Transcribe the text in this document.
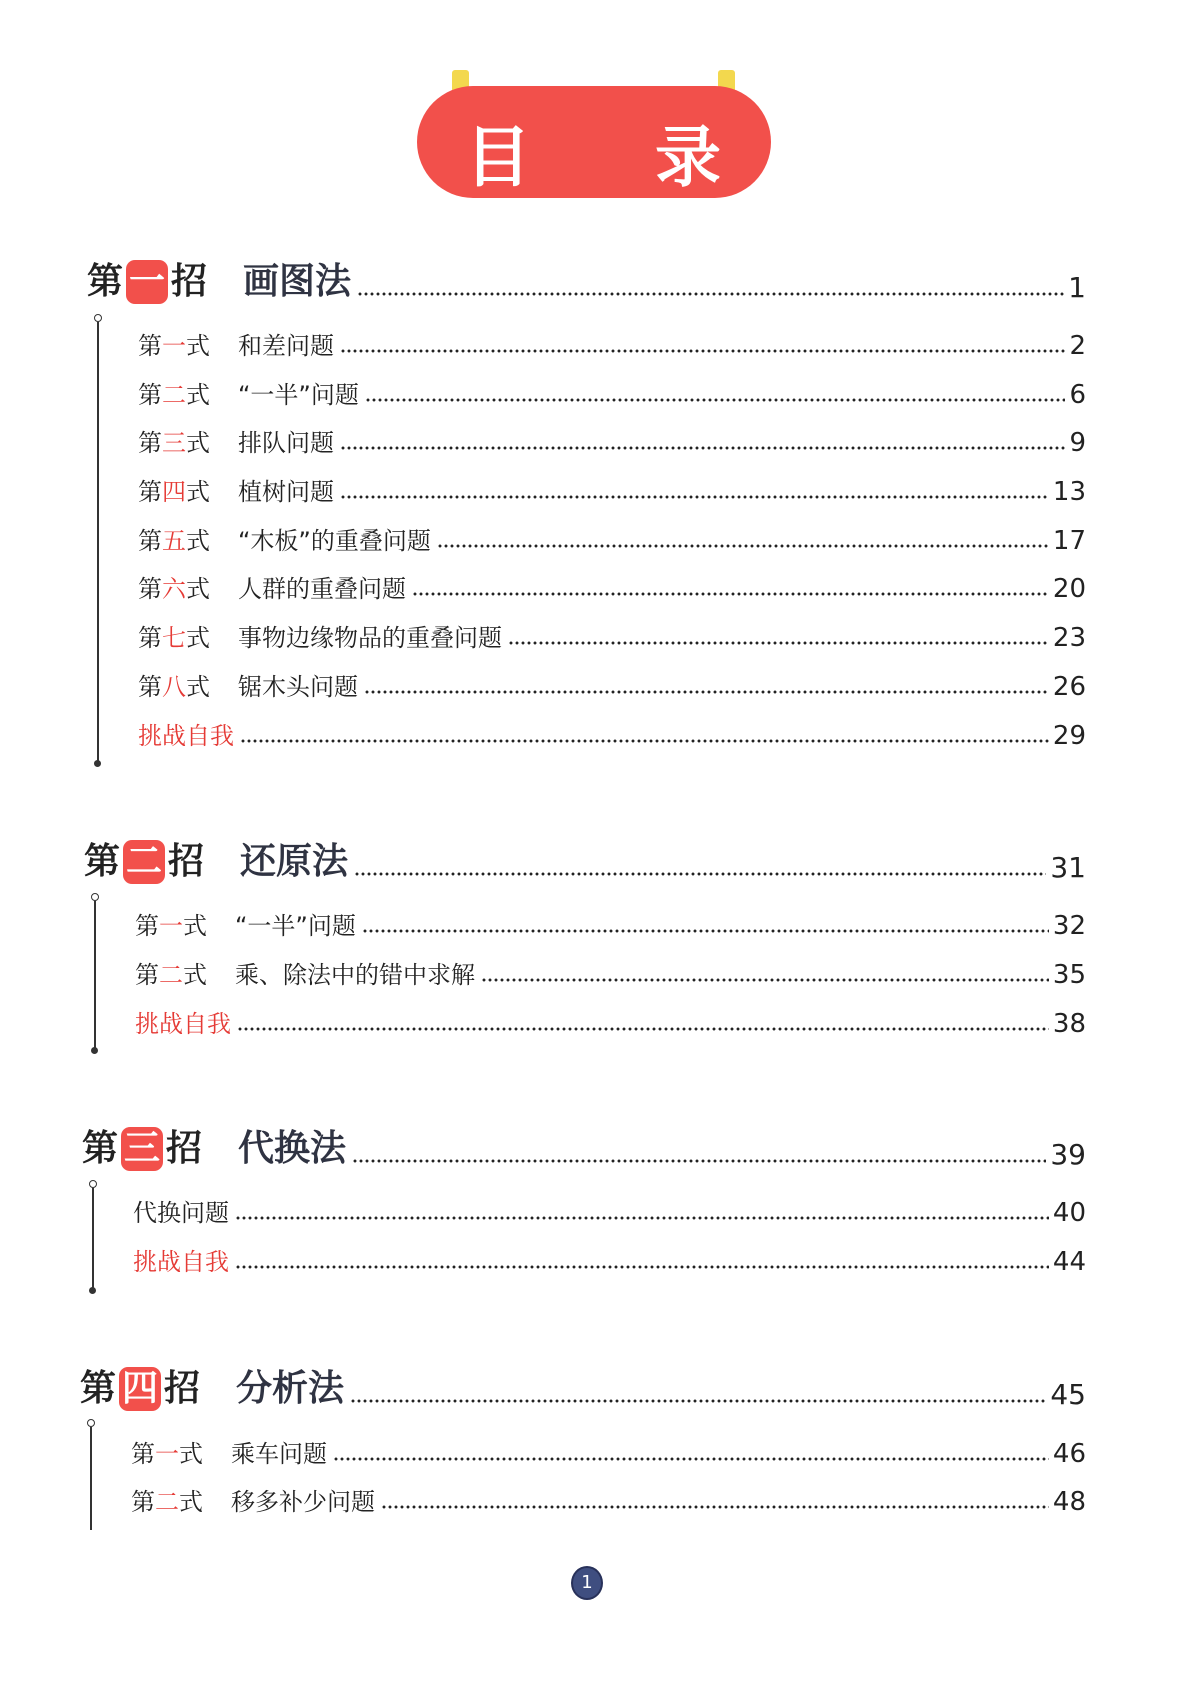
目 录
第 一 招 画图法	1
第 一 式 和差问题	2
第 二 式 “一半”问题	6
第 三 式 排队问题	9
第 四 式 植树问题	13
第 五 式 “木板”的重叠问题	17
第 六 式 人群的重叠问题	20
第 七 式 事物边缘物品的重叠问题	23
第 八 式 锯木头问题	26
挑战自我	29
第 二 招 还原法	31
第 一 式 “一半”问题	32
第 二 式 乘、除法中的错中求解	35
挑战自我	38
第 三 招 代换法	39
代换问题	40
挑战自我	44
第 四 招 分析法	45
第 一 式 乘车问题	46
第 二 式 移多补少问题	48
1
